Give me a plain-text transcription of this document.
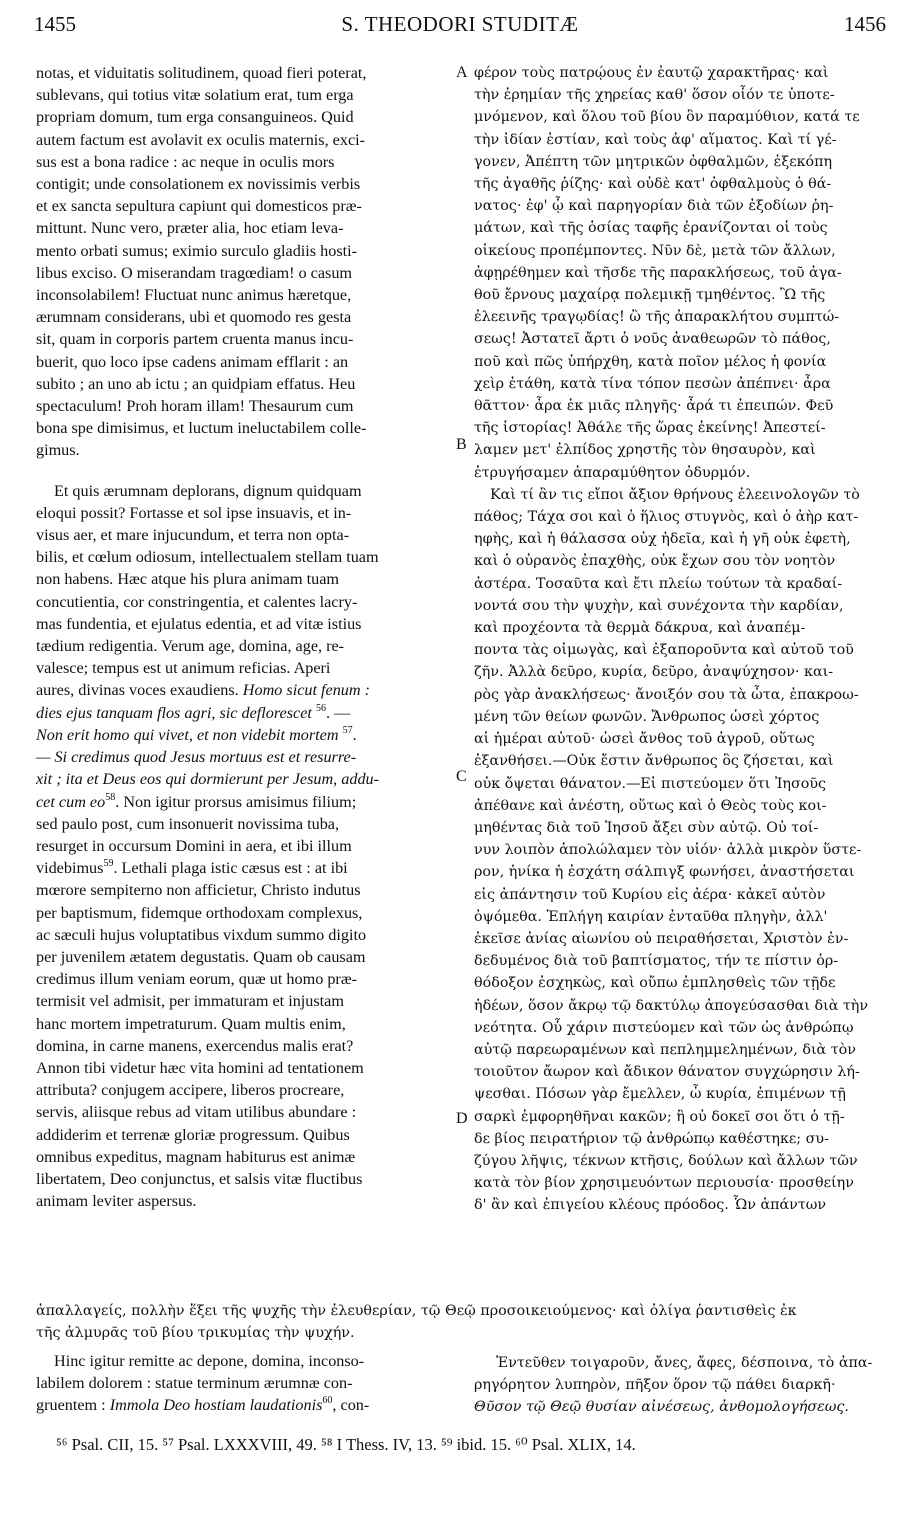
1455	S. THEODORI STUDITÆ	1456
A
B
C
D
notas, et viduitatis solitudinem, quoad fieri poterat,
sublevans, qui totius vitæ solatium erat, tum erga
propriam domum, tum erga consanguineos. Quid
autem factum est avolavit ex oculis maternis, exci-
sus est a bona radice : ac neque in oculis mors
contigit; unde consolationem ex novissimis verbis
et ex sancta sepultura capiunt qui domesticos præ-
mittunt. Nunc vero, præter alia, hoc etiam leva-
mento orbati sumus; eximio surculo gladiis hosti-
libus exciso. O miserandam tragœdiam! o casum
inconsolabilem! Fluctuat nunc animus hæretque,
ærumnam considerans, ubi et quomodo res gesta
sit, quam in corporis partem cruenta manus incu-
buerit, quo loco ipse cadens animam efflarit : an
subito ; an uno ab ictu ; an quidpiam effatus. Heu
spectaculum! Proh horam illam! Thesaurum cum
bona spe dimisimus, et luctum ineluctabilem colle-
gimus.
Et quis ærumnam deplorans, dignum quidquam
eloqui possit? Fortasse et sol ipse insuavis, et in-
visus aer, et mare injucundum, et terra non opta-
bilis, et cœlum odiosum, intellectualem stellam tuam
non habens. Hæc atque his plura animam tuam
concutientia, cor constringentia, et calentes lacry-
mas fundentia, et ejulatus edentia, et ad vitæ istius
tædium redigentia. Verum age, domina, age, re-
valesce; tempus est ut animum reficias. Aperi
aures, divinas voces exaudiens. Homo sicut fenum :
dies ejus tanquam flos agri, sic deflorescet $^{56}$. —
Non erit homo qui vivet, et non videbit mortem $^{57}$.
— Si credimus quod Jesus mortuus est et resurre-
xit ; ita et Deus eos qui dormierunt per Jesum, addu-
cet cum $eo^{58}$. Non igitur prorsus amisimus filium;
sed paulo post, cum insonuerit novissima tuba,
resurget in occursum Domini in aera, et ibi illum
videbimus$^{59}$. Lethali plaga istic cæsus est : at ibi
mœrore sempiterno non afficietur, Christo indutus
per baptismum, fidemque orthodoxam complexus,
ac sæculi hujus voluptatibus vixdum summo digito
per juvenilem ætatem degustatis. Quam ob causam
credimus illum veniam eorum, quæ ut homo præ-
termisit vel admisit, per immaturam et injustam
hanc mortem impetraturum. Quam multis enim,
domina, in carne manens, exercendus malis erat?
Annon tibi videtur hæc vita homini ad tentationem
attributa? conjugem accipere, liberos procreare,
servis, aliisque rebus ad vitam utilibus abundare :
addiderim et terrenæ gloriæ progressum. Quibus
omnibus expeditus, magnam habiturus est animæ
libertatem, Deo conjunctus, et salsis vitæ fluctibus
animam leviter aspersus.
φέρον τοὺς πατρῴους ἐν ἑαυτῷ χαρακτῆρας· καὶ
τὴν ἐρημίαν τῆς χηρείας καθ' ὅσον οἷόν τε ὑποτε-
μνόμενον, καὶ ὅλου τοῦ βίου ὂν παραμύθιον, κατά τε
τὴν ἰδίαν ἑστίαν, καὶ τοὺς ἀφ' αἵματος. Καὶ τί γέ-
γονεν, Ἀπέπτη τῶν μητρικῶν ὀφθαλμῶν, ἐξεκόπη
τῆς ἀγαθῆς ῥίζης· καὶ οὐδὲ κατ' ὀφθαλμοὺς ὁ θά-
νατος· ἐφ' ᾧ καὶ παρηγορίαν διὰ τῶν ἐξοδίων ῥη-
μάτων, καὶ τῆς ὁσίας ταφῆς ἐρανίζονται οἱ τοὺς
οἰκείους προπέμποντες. Νῦν δὲ, μετὰ τῶν ἄλλων,
ἀφῃρέθημεν καὶ τῆσδε τῆς παρακλήσεως, τοῦ ἀγα-
θοῦ ἔρνους μαχαίρᾳ πολεμικῇ τμηθέντος. Ὢ τῆς
ἐλεεινῆς τραγῳδίας! ὢ τῆς ἀπαρακλήτου συμπτώ-
σεως! Ἀστατεῖ ἄρτι ὁ νοῦς ἀναθεωρῶν τὸ πάθος,
ποῦ καὶ πῶς ὑπήρχθη, κατὰ ποῖον μέλος ἡ φονία
χεὶρ ἐτάθη, κατὰ τίνα τόπον πεσὼν ἀπέπνει· ἆρα
θᾶττον· ἆρα ἐκ μιᾶς πληγῆς· ἆρά τι ἐπειπών. Φεῦ
τῆς ἱστορίας! Ἀθάλε τῆς ὥρας ἐκείνης! Ἀπεστεί-
λαμεν μετ' ἐλπίδος χρηστῆς τὸν θησαυρὸν, καὶ
ἐτρυγήσαμεν ἀπαραμύθητον ὀδυρμόν.
Καὶ τί ἂν τις εἴποι ἄξιον θρήνους ἐλεεινολογῶν τὸ
πάθος; Τάχα σοι καὶ ὁ ἥλιος στυγνὸς, καὶ ὁ ἀὴρ κατ-
ηφὴς, καὶ ἡ θάλασσα οὐχ ἡδεῖα, καὶ ἡ γῆ οὐκ ἐφετὴ,
καὶ ὁ οὐρανὸς ἐπαχθὴς, οὐκ ἔχων σου τὸν νοητὸν
ἀστέρα. Τοσαῦτα καὶ ἔτι πλείω τούτων τὰ κραδαί-
νοντά σου τὴν ψυχὴν, καὶ συνέχοντα τὴν καρδίαν,
καὶ προχέοντα τὰ θερμὰ δάκρυα, καὶ ἀναπέμ-
ποντα τὰς οἰμωγὰς, καὶ ἐξαποροῦντα καὶ αὐτοῦ τοῦ
ζῆν. Ἀλλὰ δεῦρο, κυρία, δεῦρο, ἀναψύχησον· και-
ρὸς γὰρ ἀνακλήσεως· ἄνοιξόν σου τὰ ὦτα, ἐπακροω-
μένη τῶν θείων φωνῶν. Ἄνθρωπος ὡσεὶ χόρτος
αἱ ἡμέραι αὐτοῦ· ὡσεὶ ἄνθος τοῦ ἀγροῦ, οὕτως
ἐξανθήσει.—Οὐκ ἔστιν ἄνθρωπος ὃς ζήσεται, καὶ
οὐκ ὄψεται θάνατον.—Εἰ πιστεύομεν ὅτι Ἰησοῦς
ἀπέθανε καὶ ἀνέστη, οὕτως καὶ ὁ Θεὸς τοὺς κοι-
μηθέντας διὰ τοῦ Ἰησοῦ ἄξει σὺν αὐτῷ. Οὐ τοί-
νυν λοιπὸν ἀπολώλαμεν τὸν υἱόν· ἀλλὰ μικρὸν ὕστε-
ρον, ἡνίκα ἡ ἐσχάτη σάλπιγξ φωνήσει, ἀναστήσεται
εἰς ἀπάντησιν τοῦ Κυρίου εἰς ἀέρα· κἀκεῖ αὐτὸν
ὀψόμεθα. Ἐπλήγη καιρίαν ἐνταῦθα πληγὴν, ἀλλ'
ἐκεῖσε ἀνίας αἰωνίου οὐ πειραθήσεται, Χριστὸν ἐν-
δεδυμένος διὰ τοῦ βαπτίσματος, τήν τε πίστιν ὀρ-
θόδοξον ἐσχηκὼς, καὶ οὔπω ἐμπλησθεὶς τῶν τῇδε
ἡδέων, ὅσον ἄκρῳ τῷ δακτύλῳ ἀπογεύσασθαι διὰ τὴν
νεότητα. Οὗ χάριν πιστεύομεν καὶ τῶν ὡς ἀνθρώπῳ
αὐτῷ παρεωραμένων καὶ πεπλημμελημένων, διὰ τὸν
τοιοῦτον ἄωρον καὶ ἄδικον θάνατον συγχώρησιν λή-
ψεσθαι. Πόσων γὰρ ἔμελλεν, ὦ κυρία, ἐπιμένων τῇ
σαρκὶ ἐμφορηθῆναι κακῶν; ἢ οὐ δοκεῖ σοι ὅτι ὁ τῇ-
δε βίος πειρατήριον τῷ ἀνθρώπῳ καθέστηκε; συ-
ζύγου λῆψις, τέκνων κτῆσις, δούλων καὶ ἄλλων τῶν
κατὰ τὸν βίον χρησιμευόντων περιουσία· προσθείην
δ' ἂν καὶ ἐπιγείου κλέους πρόοδος. Ὧν ἁπάντων
ἀπαλλαγείς, πολλὴν ἕξει τῆς ψυχῆς τὴν ἐλευθερίαν, τῷ Θεῷ προσοικειούμενος· καὶ ὀλίγα ῥαντισθεὶς ἐκ
τῆς ἁλμυρᾶς τοῦ βίου τρικυμίας τὴν ψυχήν.
Hinc igitur remitte ac depone, domina, inconso-
labilem dolorem : statue terminum ærumnæ con-
gruentem : Immola Deo hostiam laudationis$^{60}$, con-
Ἐντεῦθεν τοιγαροῦν, ἄνες, ἄφες, δέσποινα, τὸ ἀπα-
ρηγόρητον λυπηρὸν, πῆξον ὅρον τῷ πάθει διαρκῆ·
Θῦσον τῷ Θεῷ θυσίαν αἰνέσεως, ἀνθομολογήσεως.
⁵⁶ Psal. CII, 15. ⁵⁷ Psal. LXXXVIII, 49. ⁵⁸ I Thess. IV, 13. ⁵⁹ ibid. 15. ⁶⁰ Psal. XLIX, 14.
